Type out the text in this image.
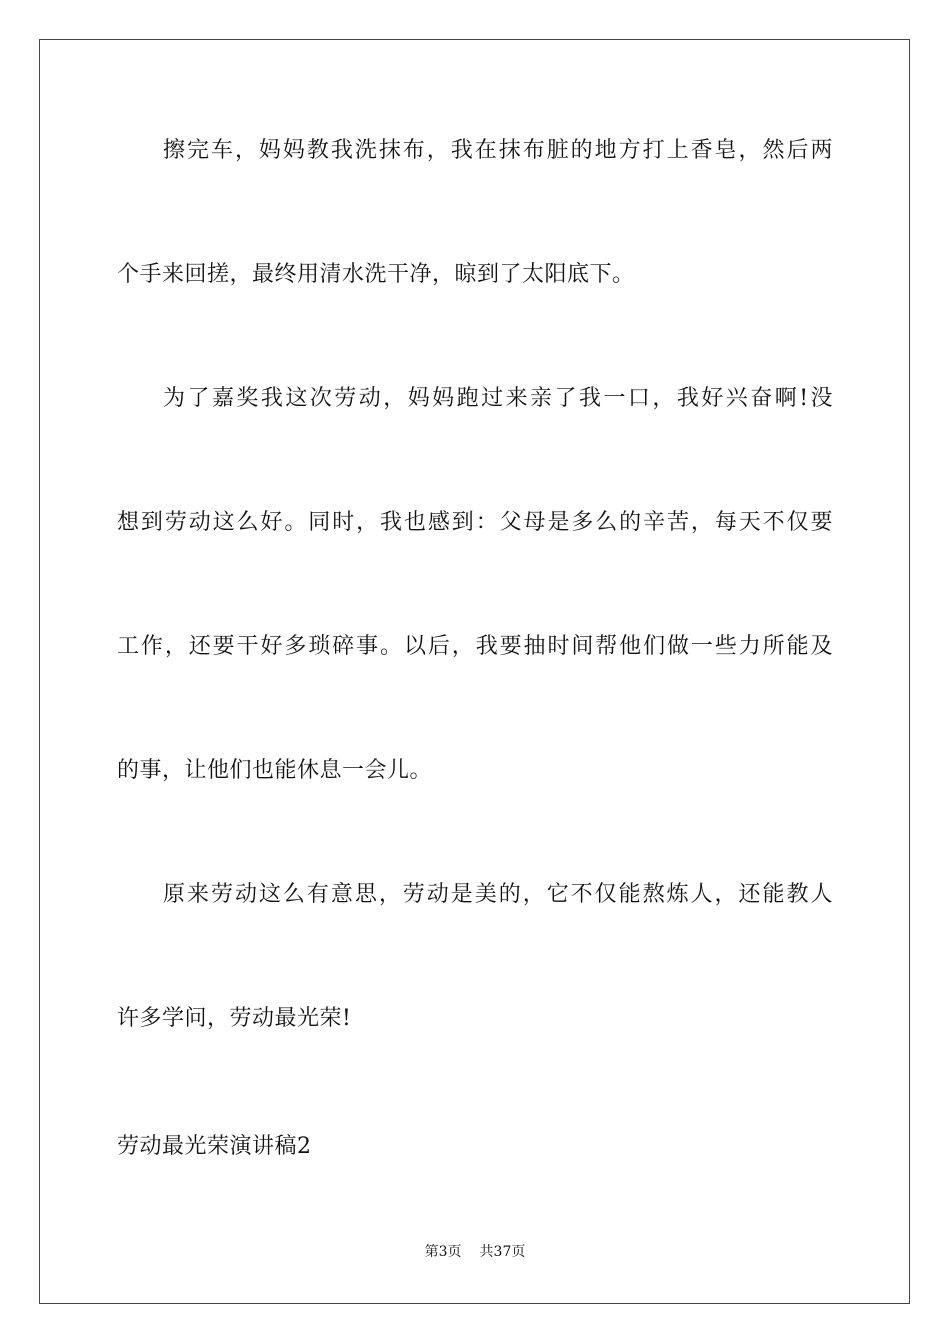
擦完车，妈妈教我洗抹布，我在抹布脏的地方打上香皂，然后两
个手来回搓，最终用清水洗干净，晾到了太阳底下。
为了嘉奖我这次劳动，妈妈跑过来亲了我一口，我好兴奋啊!没
想到劳动这么好。同时，我也感到：父母是多么的辛苦，每天不仅要
工作，还要干好多琐碎事。以后，我要抽时间帮他们做一些力所能及
的事，让他们也能休息一会儿。
原来劳动这么有意思，劳动是美的，它不仅能熬炼人，还能教人
许多学问，劳动最光荣!
劳动最光荣演讲稿2
第3页 共37页
